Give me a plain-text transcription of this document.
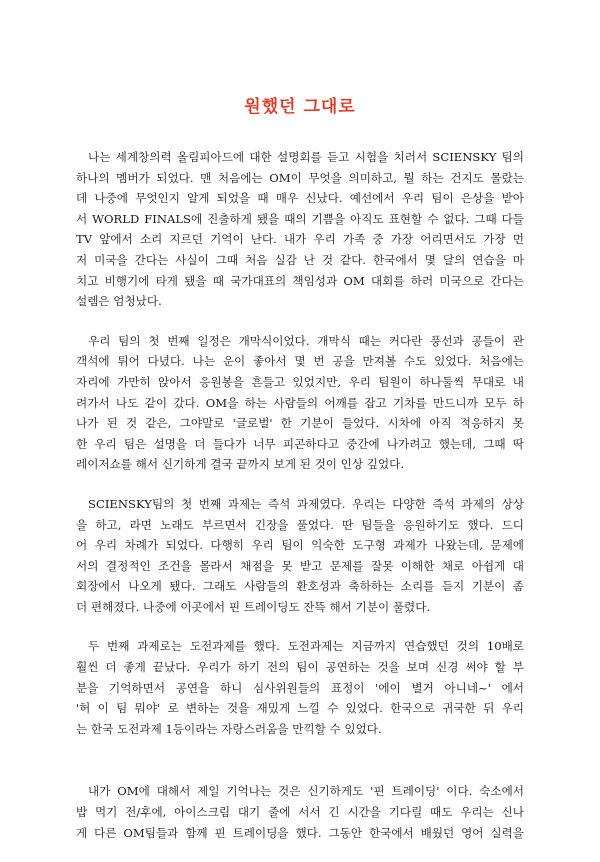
원했던 그대로
나는 세계창의력 올림피아드에 대한 설명회를 듣고 시험을 치러서 SCIENSKY 팀의
하나의 멤버가 되었다. 맨 처음에는 OM이 무엇을 의미하고, 뭘 하는 건지도 몰랐는
데 나중에 무엇인지 알게 되었을 때 매우 신났다. 예선에서 우리 팀이 은상을 받아
서 WORLD FINALS에 진출하게 됐을 때의 기쁨을 아직도 표현할 수 없다. 그때 다들
TV 앞에서 소리 지르던 기억이 난다. 내가 우리 가족 중 가장 어리면서도 가장 먼
저 미국을 간다는 사실이 그때 처음 실감 난 것 같다. 한국에서 몇 달의 연습을 마
치고 비행기에 타게 됐을 때 국가대표의 책임성과 OM 대회를 하러 미국으로 간다는
설렘은 엄청났다.
우리 팀의 첫 번째 일정은 개막식이었다. 개막식 때는 커다란 풍선과 공들이 관
객석에 튀어 다녔다. 나는 운이 좋아서 몇 번 공을 만져볼 수도 있었다. 처음에는
자리에 가만히 앉아서 응원봉을 흔들고 있었지만, 우리 팀원이 하나둘씩 무대로 내
려가서 나도 같이 갔다. OM을 하는 사람들의 어깨를 잡고 기차를 만드니까 모두 하
나가 된 것 같은, 그야말로 '글로벌' 한 기분이 들었다. 시차에 아직 적응하지 못
한 우리 팀은 설명을 더 들다가 너무 피곤하다고 중간에 나가려고 했는데, 그때 딱
레이저쇼를 해서 신기하게 결국 끝까지 보게 된 것이 인상 깊었다.
SCIENSKY팀의 첫 번째 과제는 즉석 과제였다. 우리는 다양한 즉석 과제의 상상
을 하고, 라면 노래도 부르면서 긴장을 풀었다. 딴 팀들을 응원하기도 했다. 드디
어 우리 차례가 되었다. 다행히 우리 팀이 익숙한 도구형 과제가 나왔는데, 문제에
서의 결정적인 조건을 몰라서 채점을 못 받고 문제를 잘못 이해한 채로 아쉽게 대
회장에서 나오게 됐다. 그래도 사람들의 환호성과 축하하는 소리를 듣지 기분이 좀
더 편해졌다. 나중에 이곳에서 핀 트레이딩도 잔뜩 해서 기분이 풀렸다.
두 번째 과제로는 도전과제를 했다. 도전과제는 지금까지 연습했던 것의 10배로
훨씬 더 좋게 끝났다. 우리가 하기 전의 팀이 공연하는 것을 보며 신경 써야 할 부
분을 기억하면서 공연을 하니 심사위원들의 표정이 '에이 별거 아니네~' 에서
'허 이 팀 뭐야' 로 변하는 것을 재밌게 느낄 수 있었다. 한국으로 귀국한 뒤 우리
는 한국 도전과제 1등이라는 자랑스러움을 만끽할 수 있었다.
내가 OM에 대해서 제일 기억나는 것은 신기하게도 '핀 트레이딩' 이다. 숙소에서
밥 먹기 전/후에, 아이스크림 대기 줄에 서서 긴 시간을 기다릴 때도 우리는 신나
게 다른 OM팀들과 함께 핀 트레이딩을 했다. 그동안 한국에서 배웠던 영어 실력을
